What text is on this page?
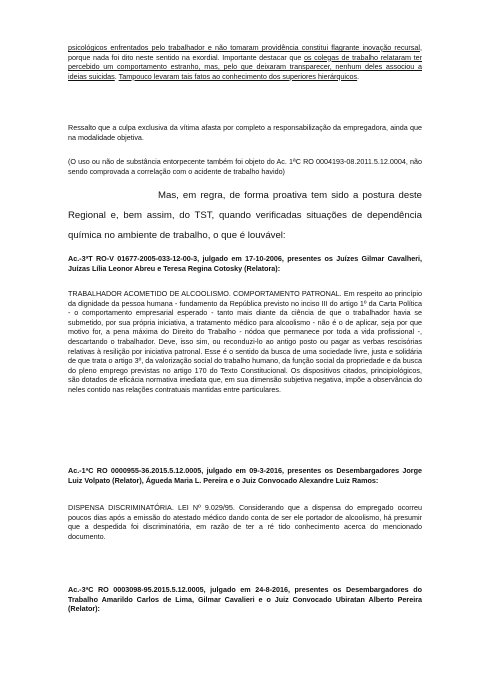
psicológicos enfrentados pelo trabalhador e não tomaram providência constitui flagrante inovação recursal, porque nada foi dito neste sentido na exordial. Importante destacar que os colegas de trabalho relataram ter percebido um comportamento estranho, mas, pelo que deixaram transparecer, nenhum deles associou a ideias suicidas. Tampouco levaram tais fatos ao conhecimento dos superiores hierárquicos.

Ressalto que a culpa exclusiva da vítima afasta por completo a responsabilização da empregadora, ainda que na modalidade objetiva.

(O uso ou não de substância entorpecente também foi objeto do Ac. 1ªC RO 0004193-08.2011.5.12.0004, não sendo comprovada a correlação com o acidente de trabalho havido)

Mas, em regra, de forma proativa tem sido a postura deste Regional e, bem assim, do TST, quando verificadas situações de dependência química no ambiente de trabalho, o que é louvável:

Ac.-3ªT RO-V 01677-2005-033-12-00-3, julgado em 17-10-2006, presentes os Juízes Gilmar Cavalheri, Juízas Lília Leonor Abreu e Teresa Regina Cotosky (Relatora):

TRABALHADOR ACOMETIDO DE ALCOOLISMO. COMPORTAMENTO PATRONAL. Em respeito ao princípio da dignidade da pessoa humana - fundamento da República previsto no inciso III do artigo 1º da Carta Política - o comportamento empresarial esperado - tanto mais diante da ciência de que o trabalhador havia se submetido, por sua própria iniciativa, a tratamento médico para alcoolismo - não é o de aplicar, seja por que motivo for, a pena máxima do Direito do Trabalho - nódoa que permanece por toda a vida profissional -, descartando o trabalhador. Deve, isso sim, ou reconduzi-lo ao antigo posto ou pagar as verbas rescisórias relativas à resilição por iniciativa patronal. Esse é o sentido da busca de uma sociedade livre, justa e solidária de que trata o artigo 3º, da valorização social do trabalho humano, da função social da propriedade e da busca do pleno emprego previstas no artigo 170 do Texto Constitucional. Os dispositivos citados, principiológicos, são dotados de eficácia normativa imediata que, em sua dimensão subjetiva negativa, impõe a observância do neles contido nas relações contratuais mantidas entre particulares.

Ac.-1ªC RO 0000955-36.2015.5.12.0005, julgado em 09-3-2016, presentes os Desembargadores Jorge Luiz Volpato (Relator), Águeda Maria L. Pereira e o Juiz Convocado Alexandre Luiz Ramos:

DISPENSA DISCRIMINATÓRIA. LEI Nº 9.029/95. Considerando que a dispensa do empregado ocorreu poucos dias após a emissão do atestado médico dando conta de ser ele portador de alcoolismo, há presumir que a despedida foi discriminatória, em razão de ter a ré tido conhecimento acerca do mencionado documento.

Ac.-3ªC RO 0003098-95.2015.5.12.0005, julgado em 24-8-2016, presentes os Desembargadores do Trabalho Amarildo Carlos de Lima, Gilmar Cavalieri e o Juiz Convocado Ubiratan Alberto Pereira (Relator):
